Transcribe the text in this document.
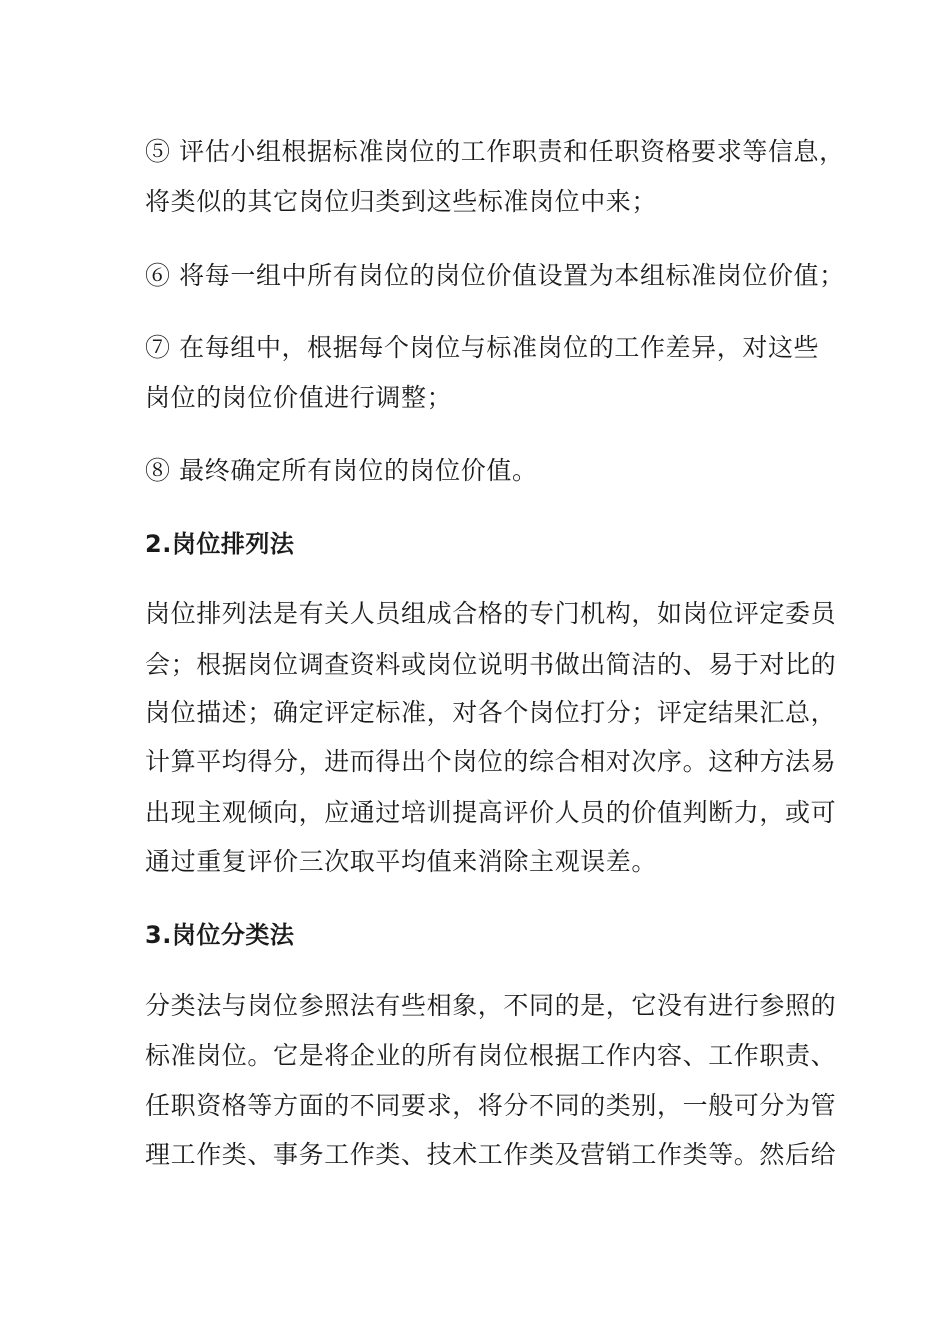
⑤ 评估小组根据标准岗位的工作职责和任职资格要求等信息，
将类似的其它岗位归类到这些标准岗位中来；
⑥ 将每一组中所有岗位的岗位价值设置为本组标准岗位价值；
⑦ 在每组中，根据每个岗位与标准岗位的工作差异，对这些
岗位的岗位价值进行调整；
⑧ 最终确定所有岗位的岗位价值。
2.岗位排列法
岗位排列法是有关人员组成合格的专门机构，如岗位评定委员
会；根据岗位调查资料或岗位说明书做出简洁的、易于对比的
岗位描述；确定评定标准，对各个岗位打分；评定结果汇总，
计算平均得分，进而得出个岗位的综合相对次序。这种方法易
出现主观倾向，应通过培训提高评价人员的价值判断力，或可
通过重复评价三次取平均值来消除主观误差。
3.岗位分类法
分类法与岗位参照法有些相象，不同的是，它没有进行参照的
标准岗位。它是将企业的所有岗位根据工作内容、工作职责、
任职资格等方面的不同要求，将分不同的类别，一般可分为管
理工作类、事务工作类、技术工作类及营销工作类等。然后给
